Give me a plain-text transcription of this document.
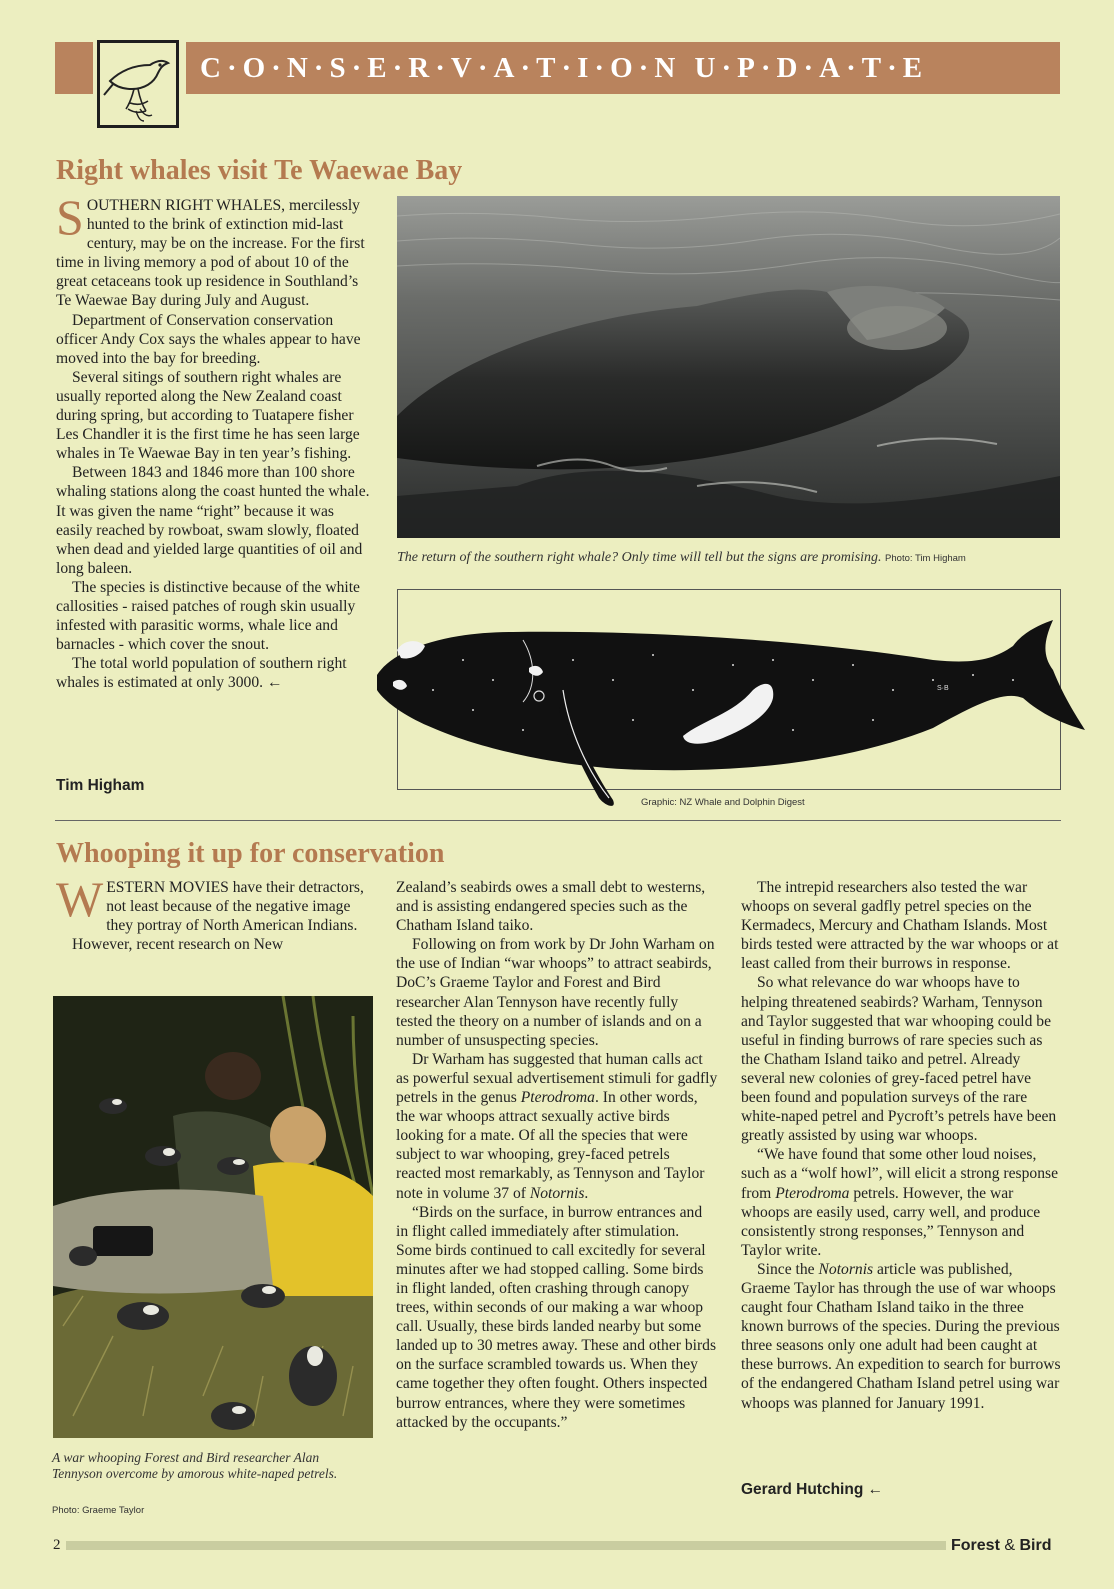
C·O·N·S·E·R·V·A·T·I·O·N U·P·D·A·T·E
Right whales visit Te Waewae Bay

SOUTHERN RIGHT WHALES, mercilessly hunted to the brink of extinction mid-last century, may be on the increase. For the first time in living memory a pod of about 10 of the great cetaceans took up residence in Southland’s Te Waewae Bay during July and August.

Department of Conservation conservation officer Andy Cox says the whales appear to have moved into the bay for breeding.

Several sitings of southern right whales are usually reported along the New Zealand coast during spring, but according to Tuatapere fisher Les Chandler it is the first time he has seen large whales in Te Waewae Bay in ten year’s fishing.

Between 1843 and 1846 more than 100 shore whaling stations along the coast hunted the whale. It was given the name “right” because it was easily reached by rowboat, swam slowly, floated when dead and yielded large quantities of oil and long baleen.

The species is distinctive because of the white callosities - raised patches of rough skin usually infested with parasitic worms, whale lice and barnacles - which cover the snout.

The total world population of southern right whales is estimated at only 3000. ←

Tim Higham
The return of the southern right whale? Only time will tell but the signs are promising. Photo: Tim Higham
S·B
Graphic: NZ Whale and Dolphin Digest
Whooping it up for conservation

WESTERN MOVIES have their detractors, not least because of the negative image they portray of North American Indians.

However, recent research on New

A war whooping Forest and Bird researcher Alan Tennyson overcome by amorous white-naped petrels.
Photo: Graeme Taylor

Zealand’s seabirds owes a small debt to westerns, and is assisting endangered species such as the Chatham Island taiko.

Following on from work by Dr John Warham on the use of Indian “war whoops” to attract seabirds, DoC’s Graeme Taylor and Forest and Bird researcher Alan Tennyson have recently fully tested the theory on a number of islands and on a number of unsuspecting species.

Dr Warham has suggested that human calls act as powerful sexual advertisement stimuli for gadfly petrels in the genus Pterodroma. In other words, the war whoops attract sexually active birds looking for a mate. Of all the species that were subject to war whooping, grey-faced petrels reacted most remarkably, as Tennyson and Taylor note in volume 37 of Notornis.

“Birds on the surface, in burrow entrances and in flight called immediately after stimulation. Some birds continued to call excitedly for several minutes after we had stopped calling. Some birds in flight landed, often crashing through canopy trees, within seconds of our making a war whoop call. Usually, these birds landed nearby but some landed up to 30 metres away. These and other birds on the surface scrambled towards us. When they came together they often fought. Others inspected burrow entrances, where they were sometimes attacked by the occupants.”

The intrepid researchers also tested the war whoops on several gadfly petrel species on the Kermadecs, Mercury and Chatham Islands. Most birds tested were attracted by the war whoops or at least called from their burrows in response.

So what relevance do war whoops have to helping threatened seabirds? Warham, Tennyson and Taylor suggested that war whooping could be useful in finding burrows of rare species such as the Chatham Island taiko and petrel. Already several new colonies of grey-faced petrel have been found and population surveys of the rare white-naped petrel and Pycroft’s petrels have been greatly assisted by using war whoops.

“We have found that some other loud noises, such as a “wolf howl”, will elicit a strong response from Pterodroma petrels. However, the war whoops are easily used, carry well, and produce consistently strong responses,” Tennyson and Taylor write.

Since the Notornis article was published, Graeme Taylor has through the use of war whoops caught four Chatham Island taiko in the three known burrows of the species. During the previous three seasons only one adult had been caught at these burrows. An expedition to search for burrows of the endangered Chatham Island petrel using war whoops was planned for January 1991.

Gerard Hutching ←
2	Forest & Bird
